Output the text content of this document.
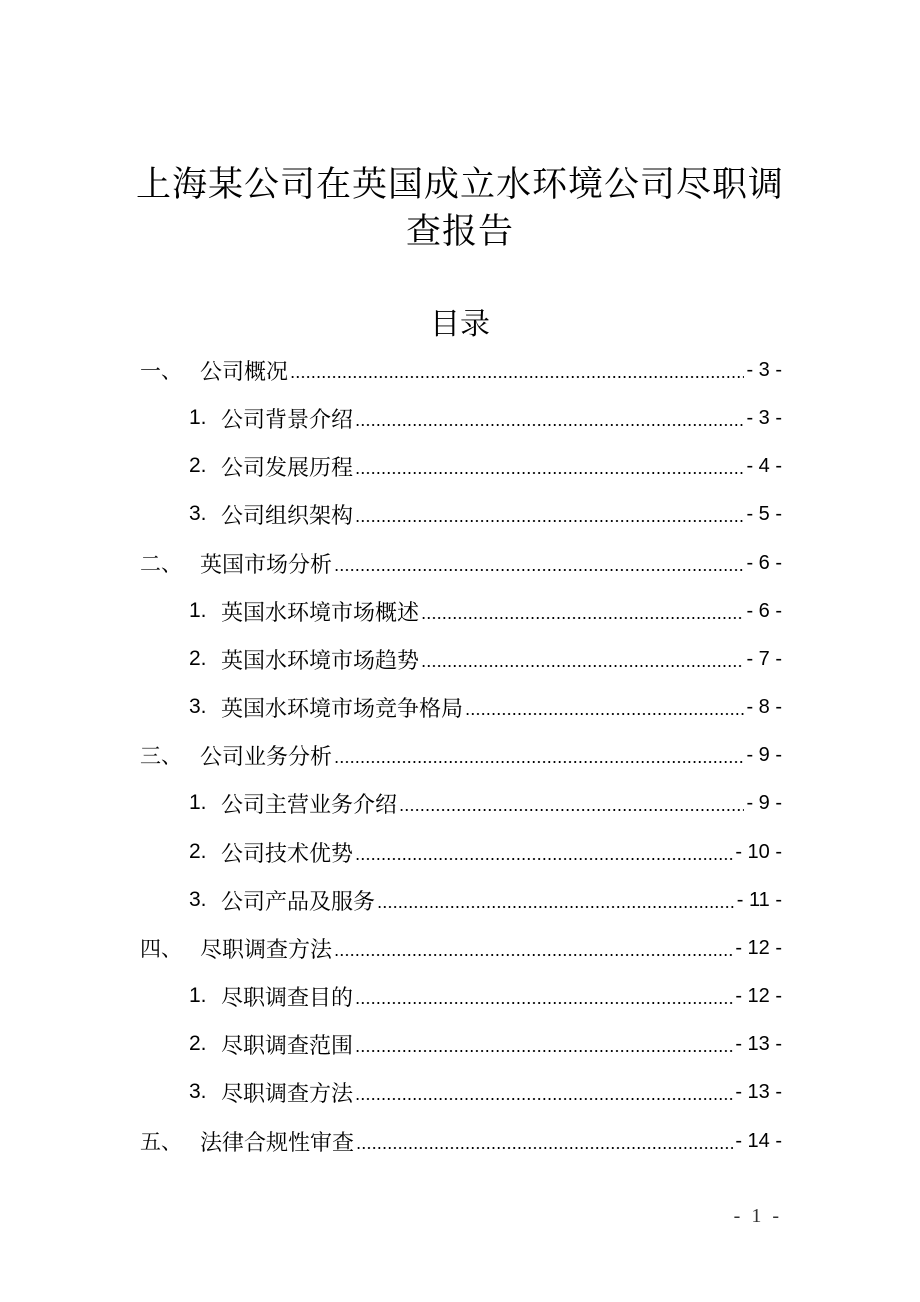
上海某公司在英国成立水环境公司尽职调
查报告
目录
一、 公司概况	- 3 -
1. 公司背景介绍	- 3 -
2. 公司发展历程	- 4 -
3. 公司组织架构	- 5 -
二、 英国市场分析	- 6 -
1. 英国水环境市场概述	- 6 -
2. 英国水环境市场趋势	- 7 -
3. 英国水环境市场竞争格局	- 8 -
三、 公司业务分析	- 9 -
1. 公司主营业务介绍	- 9 -
2. 公司技术优势	- 10 -
3. 公司产品及服务	- 11 -
四、 尽职调查方法	- 12 -
1. 尽职调查目的	- 12 -
2. 尽职调查范围	- 13 -
3. 尽职调查方法	- 13 -
五、 法律合规性审查	- 14 -
- 1 -
